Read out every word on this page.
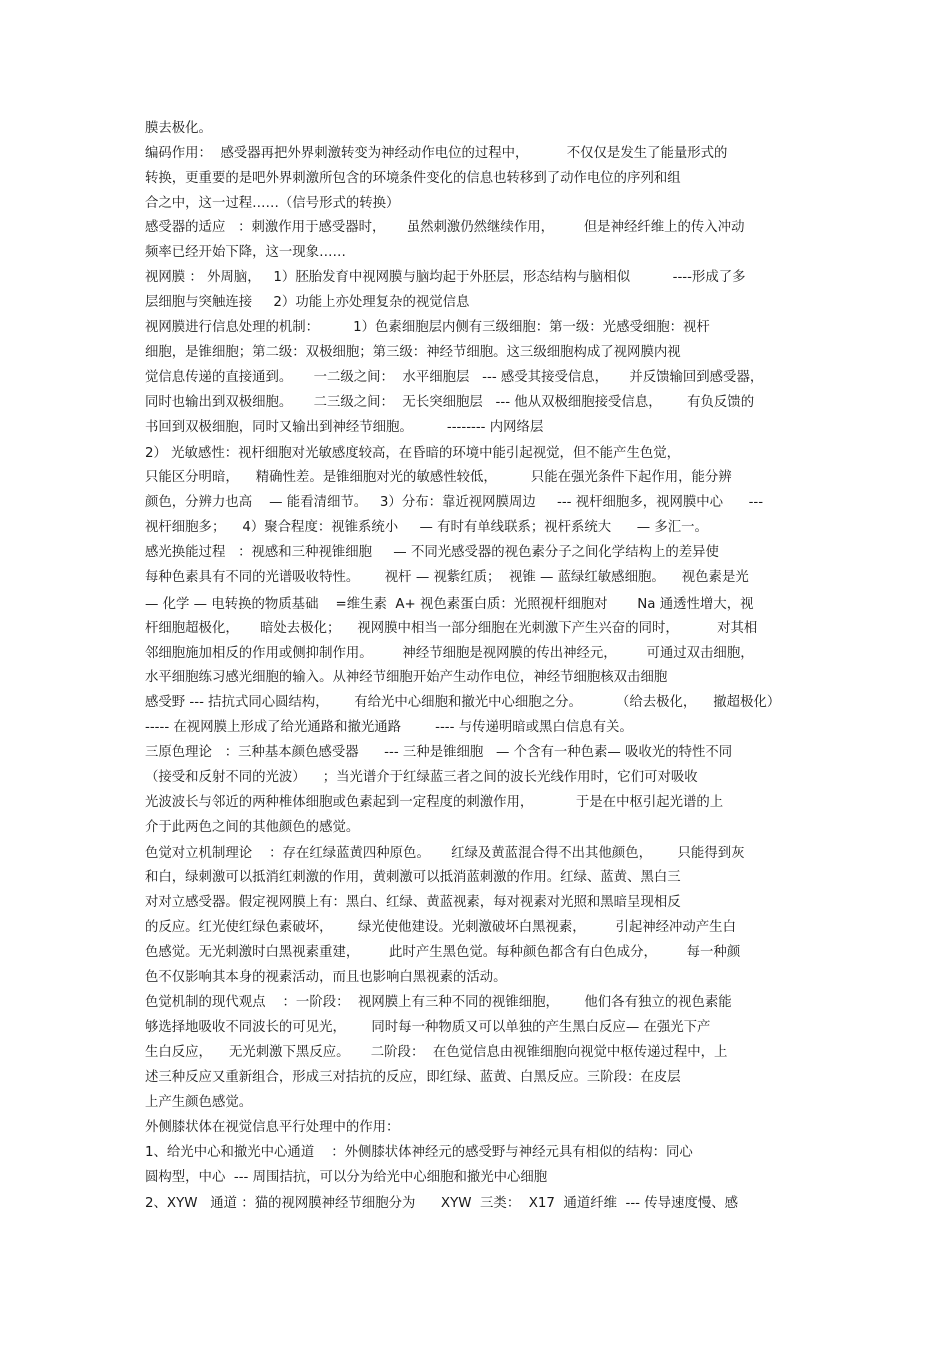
膜去极化。
编码作用：  感受器再把外界刺激转变为神经动作电位的过程中，         不仅仅是发生了能量形式的
转换，更重要的是吧外界刺激所包含的环境条件变化的信息也转移到了动作电位的序列和组
合之中，这一过程……（信号形式的转换）
感受器的适应   ：刺激作用于感受器时，     虽然刺激仍然继续作用，       但是神经纤维上的传入冲动
频率已经开始下降，这一现象……
视网膜 ： 外周脑，   1）胚胎发育中视网膜与脑均起于外胚层，形态结构与脑相似          ----形成了多
层细胞与突触连接     2）功能上亦处理复杂的视觉信息
视网膜进行信息处理的机制：        1）色素细胞层内侧有三级细胞：第一级：光感受细胞：视杆
细胞，是锥细胞；第二级：双极细胞；第三级：神经节细胞。这三级细胞构成了视网膜内视
觉信息传递的直接通到。     一二级之间：  水平细胞层   --- 感受其接受信息，     并反馈输回到感受器，
同时也输出到双极细胞。     二三级之间：  无长突细胞层   --- 他从双极细胞接受信息，      有负反馈的
书回到双极细胞，同时又输出到神经节细胞。        -------- 内网络层
2） 光敏感性：视杆细胞对光敏感度较高，在昏暗的环境中能引起视觉，但不能产生色觉，
只能区分明暗，    精确性差。是锥细胞对光的敏感性较低，        只能在强光条件下起作用，能分辨
颜色，分辨力也高    — 能看清细节。   3）分布：靠近视网膜周边     --- 视杆细胞多，视网膜中心      ---
视杆细胞多；    4）聚合程度：视锥系统小     — 有时有单线联系；视杆系统大      — 多汇一。
感光换能过程   ：视感和三种视锥细胞     — 不同光感受器的视色素分子之间化学结构上的差异使
每种色素具有不同的光谱吸收特性。      视杆 — 视紫红质；  视锥 — 蓝绿红敏感细胞。    视色素是光
— 化学 — 电转换的物质基础    =维生素  A+ 视色素蛋白质：光照视杆细胞对       Na 通透性增大，视
杆细胞超极化，     暗处去极化；    视网膜中相当一部分细胞在光刺激下产生兴奋的同时，         对其相
邻细胞施加相反的作用或侧抑制作用。       神经节细胞是视网膜的传出神经元，       可通过双击细胞，
水平细胞练习感光细胞的输入。从神经节细胞开始产生动作电位，神经节细胞核双击细胞
感受野 --- 拮抗式同心圆结构，      有给光中心细胞和撤光中心细胞之分。        （给去极化，    撤超极化）
----- 在视网膜上形成了给光通路和撤光通路        ---- 与传递明暗或黑白信息有关。
三原色理论   ：三种基本颜色感受器      --- 三种是锥细胞   — 个含有一种色素— 吸收光的特性不同
（接受和反射不同的光波）    ；当光谱介于红绿蓝三者之间的波长光线作用时，它们可对吸收
光波波长与邻近的两种椎体细胞或色素起到一定程度的刺激作用，          于是在中枢引起光谱的上
介于此两色之间的其他颜色的感觉。
色觉对立机制理论    ：存在红绿蓝黄四种原色。     红绿及黄蓝混合得不出其他颜色，      只能得到灰
和白，绿刺激可以抵消红刺激的作用，黄刺激可以抵消蓝刺激的作用。红绿、蓝黄、黑白三
对对立感受器。假定视网膜上有：黑白、红绿、黄蓝视素，每对视素对光照和黑暗呈现相反
的反应。红光使红绿色素破坏，      绿光使他建设。光刺激破坏白黑视素，       引起神经冲动产生白
色感觉。无光刺激时白黑视素重建，       此时产生黑色觉。每种颜色都含有白色成分，       每一种颜
色不仅影响其本身的视素活动，而且也影响白黑视素的活动。
色觉机制的现代观点    ：一阶段：  视网膜上有三种不同的视锥细胞，      他们各有独立的视色素能
够选择地吸收不同波长的可见光，      同时每一种物质又可以单独的产生黑白反应— 在强光下产
生白反应，    无光刺激下黑反应。     二阶段：  在色觉信息由视锥细胞向视觉中枢传递过程中，上
述三种反应又重新组合，形成三对拮抗的反应，即红绿、蓝黄、白黑反应。三阶段：在皮层
上产生颜色感觉。
外侧膝状体在视觉信息平行处理中的作用：
1、给光中心和撤光中心通道    ：外侧膝状体神经元的感受野与神经元具有相似的结构：同心
圆构型，中心  --- 周围拮抗，可以分为给光中心细胞和撤光中心细胞
2、XYW   通道 ：猫的视网膜神经节细胞分为      XYW  三类：  X17  通道纤维  --- 传导速度慢、感
